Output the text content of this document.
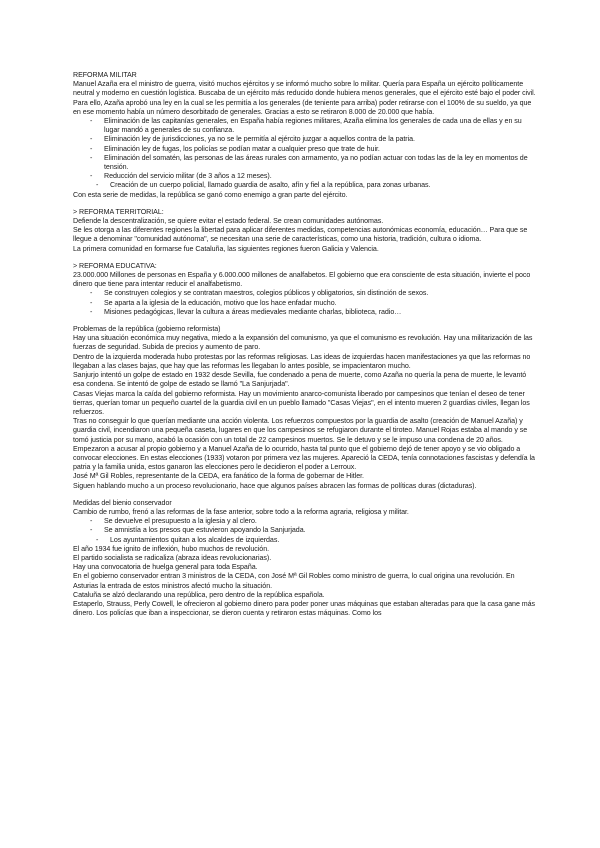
REFORMA MILITAR

Manuel Azaña era el ministro de guerra, visitó muchos ejércitos y se informó mucho sobre lo militar. Quería para España un ejército políticamente neutral y moderno en cuestión logística. Buscaba de un ejército más reducido donde hubiera menos generales, que el ejército esté bajo el poder civil. Para ello, Azaña aprobó una ley en la cual se les permitía a los generales (de teniente para arriba) poder retirarse con el 100% de su sueldo, ya que en ese momento había un número desorbitado de generales. Gracias a esto se retiraron 8.000 de 20.000 que había.

- Eliminación de las capitanías generales, en España había regiones militares, Azaña elimina los generales de cada una de ellas y en su lugar mandó a generales de su confianza.
- Eliminación ley de jurisdicciones, ya no se le permitía al ejército juzgar a aquellos contra de la patria.
- Eliminación ley de fugas, los policías se podían matar a cualquier preso que trate de huir.
- Eliminación del somatén, las personas de las áreas rurales con armamento, ya no podían actuar con todas las de la ley en momentos de tensión.
- Reducción del servicio militar (de 3 años a 12 meses).
- Creación de un cuerpo policial, llamado guardia de asalto, afín y fiel a la república, para zonas urbanas.

Con esta serie de medidas, la república se ganó como enemigo a gran parte del ejército.

> REFORMA TERRITORIAL:

Defiende la descentralización, se quiere evitar el estado federal. Se crean comunidades autónomas.

Se les otorga a las diferentes regiones la libertad para aplicar diferentes medidas, competencias autonómicas economía, educación… Para que se llegue a denominar "comunidad autónoma", se necesitan una serie de características, como una historia, tradición, cultura o idioma.

La primera comunidad en formarse fue Cataluña, las siguientes regiones fueron Galicia y Valencia.

> REFORMA EDUCATIVA:

23.000.000 Millones de personas en España y 6.000.000 millones de analfabetos. El gobierno que era consciente de esta situación, invierte el poco dinero que tiene para intentar reducir el analfabetismo.

- Se construyen colegios y se contratan maestros, colegios públicos y obligatorios, sin distinción de sexos.
- Se aparta a la iglesia de la educación, motivo que los hace enfadar mucho.
- Misiones pedagógicas, llevar la cultura a áreas medievales mediante charlas, biblioteca, radio…

Problemas de la república (gobierno reformista)

Hay una situación económica muy negativa, miedo a la expansión del comunismo, ya que el comunismo es revolución. Hay una militarización de las fuerzas de seguridad. Subida de precios y aumento de paro.

Dentro de la izquierda moderada hubo protestas por las reformas religiosas. Las ideas de izquierdas hacen manifestaciones ya que las reformas no llegaban a las clases bajas, que hay que las reformas les llegaban lo antes posible, se impacientaron mucho.

Sanjurjo intentó un golpe de estado en 1932 desde Sevilla, fue condenado a pena de muerte, como Azaña no quería la pena de muerte, le levantó esa condena. Se intentó de golpe de estado se llamó "La Sanjurjada".

Casas Viejas marca la caída del gobierno reformista. Hay un movimiento anarco-comunista liberado por campesinos que tenían el deseo de tener tierras, querían tomar un pequeño cuartel de la guardia civil en un pueblo llamado "Casas Viejas", en el intento mueren 2 guardias civiles, llegan los refuerzos.

Tras no conseguir lo que querían mediante una acción violenta. Los refuerzos compuestos por la guardia de asalto (creación de Manuel Azaña) y guardia civil, incendiaron una pequeña caseta, lugares en que los campesinos se refugiaron durante el tiroteo. Manuel Rojas estaba al mando y se tomó justicia por su mano, acabó la ocasión con un total de 22 campesinos muertos. Se le detuvo y se le impuso una condena de 20 años.

Empezaron a acusar al propio gobierno y a Manuel Azaña de lo ocurrido, hasta tal punto que el gobierno dejó de tener apoyo y se vio obligado a convocar elecciones. En estas elecciones (1933) votaron por primera vez las mujeres. Apareció la CEDA, tenía connotaciones fascistas y defendía la patria y la familia unida, estos ganaron las elecciones pero le decidieron el poder a Lerroux.

José Mª Gil Robles, representante de la CEDA, era fanático de la forma de gobernar de Hitler.

Siguen hablando mucho a un proceso revolucionario, hace que algunos países abracen las formas de políticas duras (dictaduras).

Medidas del bienio conservador

Cambio de rumbo, frenó a las reformas de la fase anterior, sobre todo a la reforma agraria, religiosa y militar.

- Se devuelve el presupuesto a la iglesia y al clero.
- Se amnistía a los presos que estuvieron apoyando la Sanjurjada.
- Los ayuntamientos quitan a los alcaldes de izquierdas.

El año 1934 fue ignito de inflexión, hubo muchos de revolución.

El partido socialista se radicaliza (abraza ideas revolucionarias).

Hay una convocatoria de huelga general para toda España.

En el gobierno conservador entran 3 ministros de la CEDA, con José Mª Gil Robles como ministro de guerra, lo cual origina una revolución. En Asturias la entrada de estos ministros afectó mucho la situación.

Cataluña se alzó declarando una república, pero dentro de la república española.

Estaperlo, Strauss, Perly Cowell, le ofrecieron al gobierno dinero para poder poner unas máquinas que estaban alteradas para que la casa gane más dinero. Los policías que iban a inspeccionar, se dieron cuenta y retiraron estas máquinas. Como los
